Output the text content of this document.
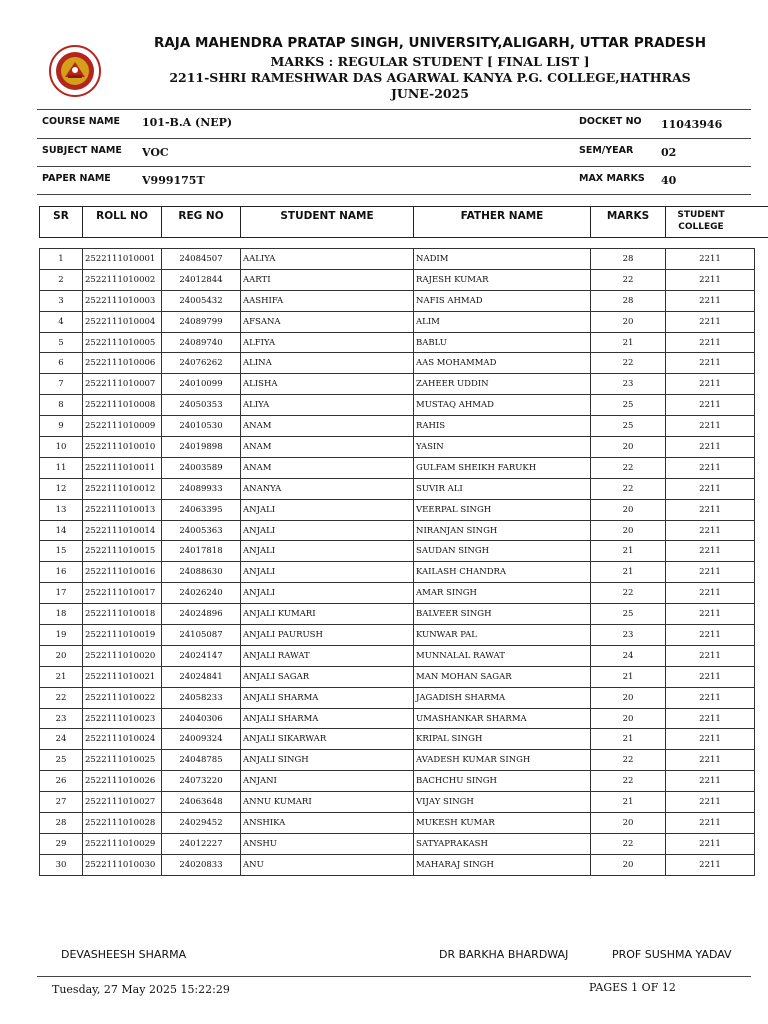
RAJA MAHENDRA PRATAP SINGH, UNIVERSITY,ALIGARH, UTTAR PRADESH
MARKS : REGULAR STUDENT [ FINAL LIST ]
2211-SHRI RAMESHWAR DAS AGARWAL KANYA P.G. COLLEGE,HATHRAS
JUNE-2025
COURSE NAME 101-B.A (NEP)	DOCKET NO 11043946
SUBJECT NAME VOC	SEM/YEAR	02
PAPER NAME	V999175T	MAX MARKS 40
SR	ROLL NO	REG NO	STUDENT NAME	FATHER NAME	MARKS	STUDENT COLLEGE
1	2522111010001	24084507	AALIYA	NADIM	28	2211
2	2522111010002	24012844	AARTI	RAJESH KUMAR	22	2211
3	2522111010003	24005432	AASHIFA	NAFIS AHMAD	28	2211
4	2522111010004	24089799	AFSANA	ALIM	20	2211
5	2522111010005	24089740	ALFIYA	BABLU	21	2211
6	2522111010006	24076262	ALINA	AAS MOHAMMAD	22	2211
7	2522111010007	24010099	ALISHA	ZAHEER UDDIN	23	2211
8	2522111010008	24050353	ALIYA	MUSTAQ AHMAD	25	2211
9	2522111010009	24010530	ANAM	RAHIS	25	2211
10	2522111010010	24019898	ANAM	YASIN	20	2211
11	2522111010011	24003589	ANAM	GULFAM SHEIKH FARUKH	22	2211
12	2522111010012	24089933	ANANYA	SUVIR ALI	22	2211
13	2522111010013	24063395	ANJALI	VEERPAL SINGH	20	2211
14	2522111010014	24005363	ANJALI	NIRANJAN SINGH	20	2211
15	2522111010015	24017818	ANJALI	SAUDAN SINGH	21	2211
16	2522111010016	24088630	ANJALI	KAILASH CHANDRA	21	2211
17	2522111010017	24026240	ANJALI	AMAR SINGH	22	2211
18	2522111010018	24024896	ANJALI KUMARI	BALVEER SINGH	25	2211
19	2522111010019	24105087	ANJALI PAURUSH	KUNWAR PAL	23	2211
20	2522111010020	24024147	ANJALI RAWAT	MUNNALAL RAWAT	24	2211
21	2522111010021	24024841	ANJALI SAGAR	MAN MOHAN SAGAR	21	2211
22	2522111010022	24058233	ANJALI SHARMA	JAGADISH SHARMA	20	2211
23	2522111010023	24040306	ANJALI SHARMA	UMASHANKAR SHARMA	20	2211
24	2522111010024	24009324	ANJALI SIKARWAR	KRIPAL SINGH	21	2211
25	2522111010025	24048785	ANJALI SINGH	AVADESH KUMAR SINGH	22	2211
26	2522111010026	24073220	ANJANI	BACHCHU SINGH	22	2211
27	2522111010027	24063648	ANNU KUMARI	VIJAY SINGH	21	2211
28	2522111010028	24029452	ANSHIKA	MUKESH KUMAR	20	2211
29	2522111010029	24012227	ANSHU	SATYAPRAKASH	22	2211
30	2522111010030	24020833	ANU	MAHARAJ SINGH	20	2211
DEVASHEESH SHARMA	DR BARKHA BHARDWAJ	PROF SUSHMA YADAV
Tuesday, 27 May 2025 15:22:29	PAGES 1 OF 12
